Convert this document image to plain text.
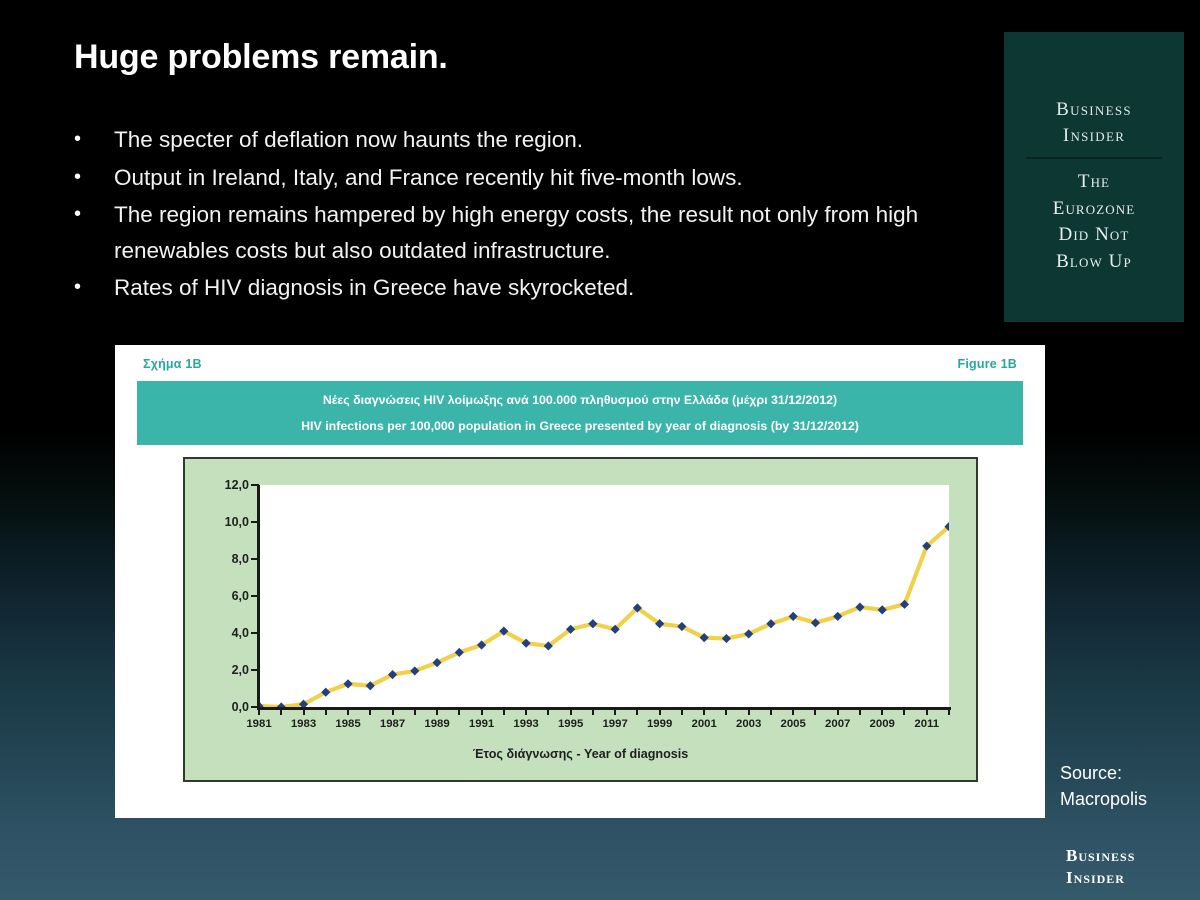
Huge problems remain.
•	The specter of deflation now haunts the region.
•	Output in Ireland, Italy, and France recently hit five-month lows.
•	The region remains hampered by high energy costs, the result not only from high renewables costs but also outdated infrastructure.
•	Rates of HIV diagnosis in Greece have skyrocketed.
Business
Insider
The
Eurozone
Did Not
Blow Up
Σχήμα 1Β	Figure 1B
Νέες διαγνώσεις HIV λοίμωξης ανά 100.000 πληθυσμού στην Ελλάδα (μέχρι 31/12/2012)
HIV infections per 100,000 population in Greece presented by year of diagnosis (by 31/12/2012)
0,0
2,0
4,0
6,0
8,0
10,0
12,0
1981 1983 1985 1987 1989 1991 1993 1995 1997 1999 2001 2003 2005 2007 2009 2011
Έτος διάγνωσης - Year of diagnosis
Source:
Macropolis
Business
Insider
